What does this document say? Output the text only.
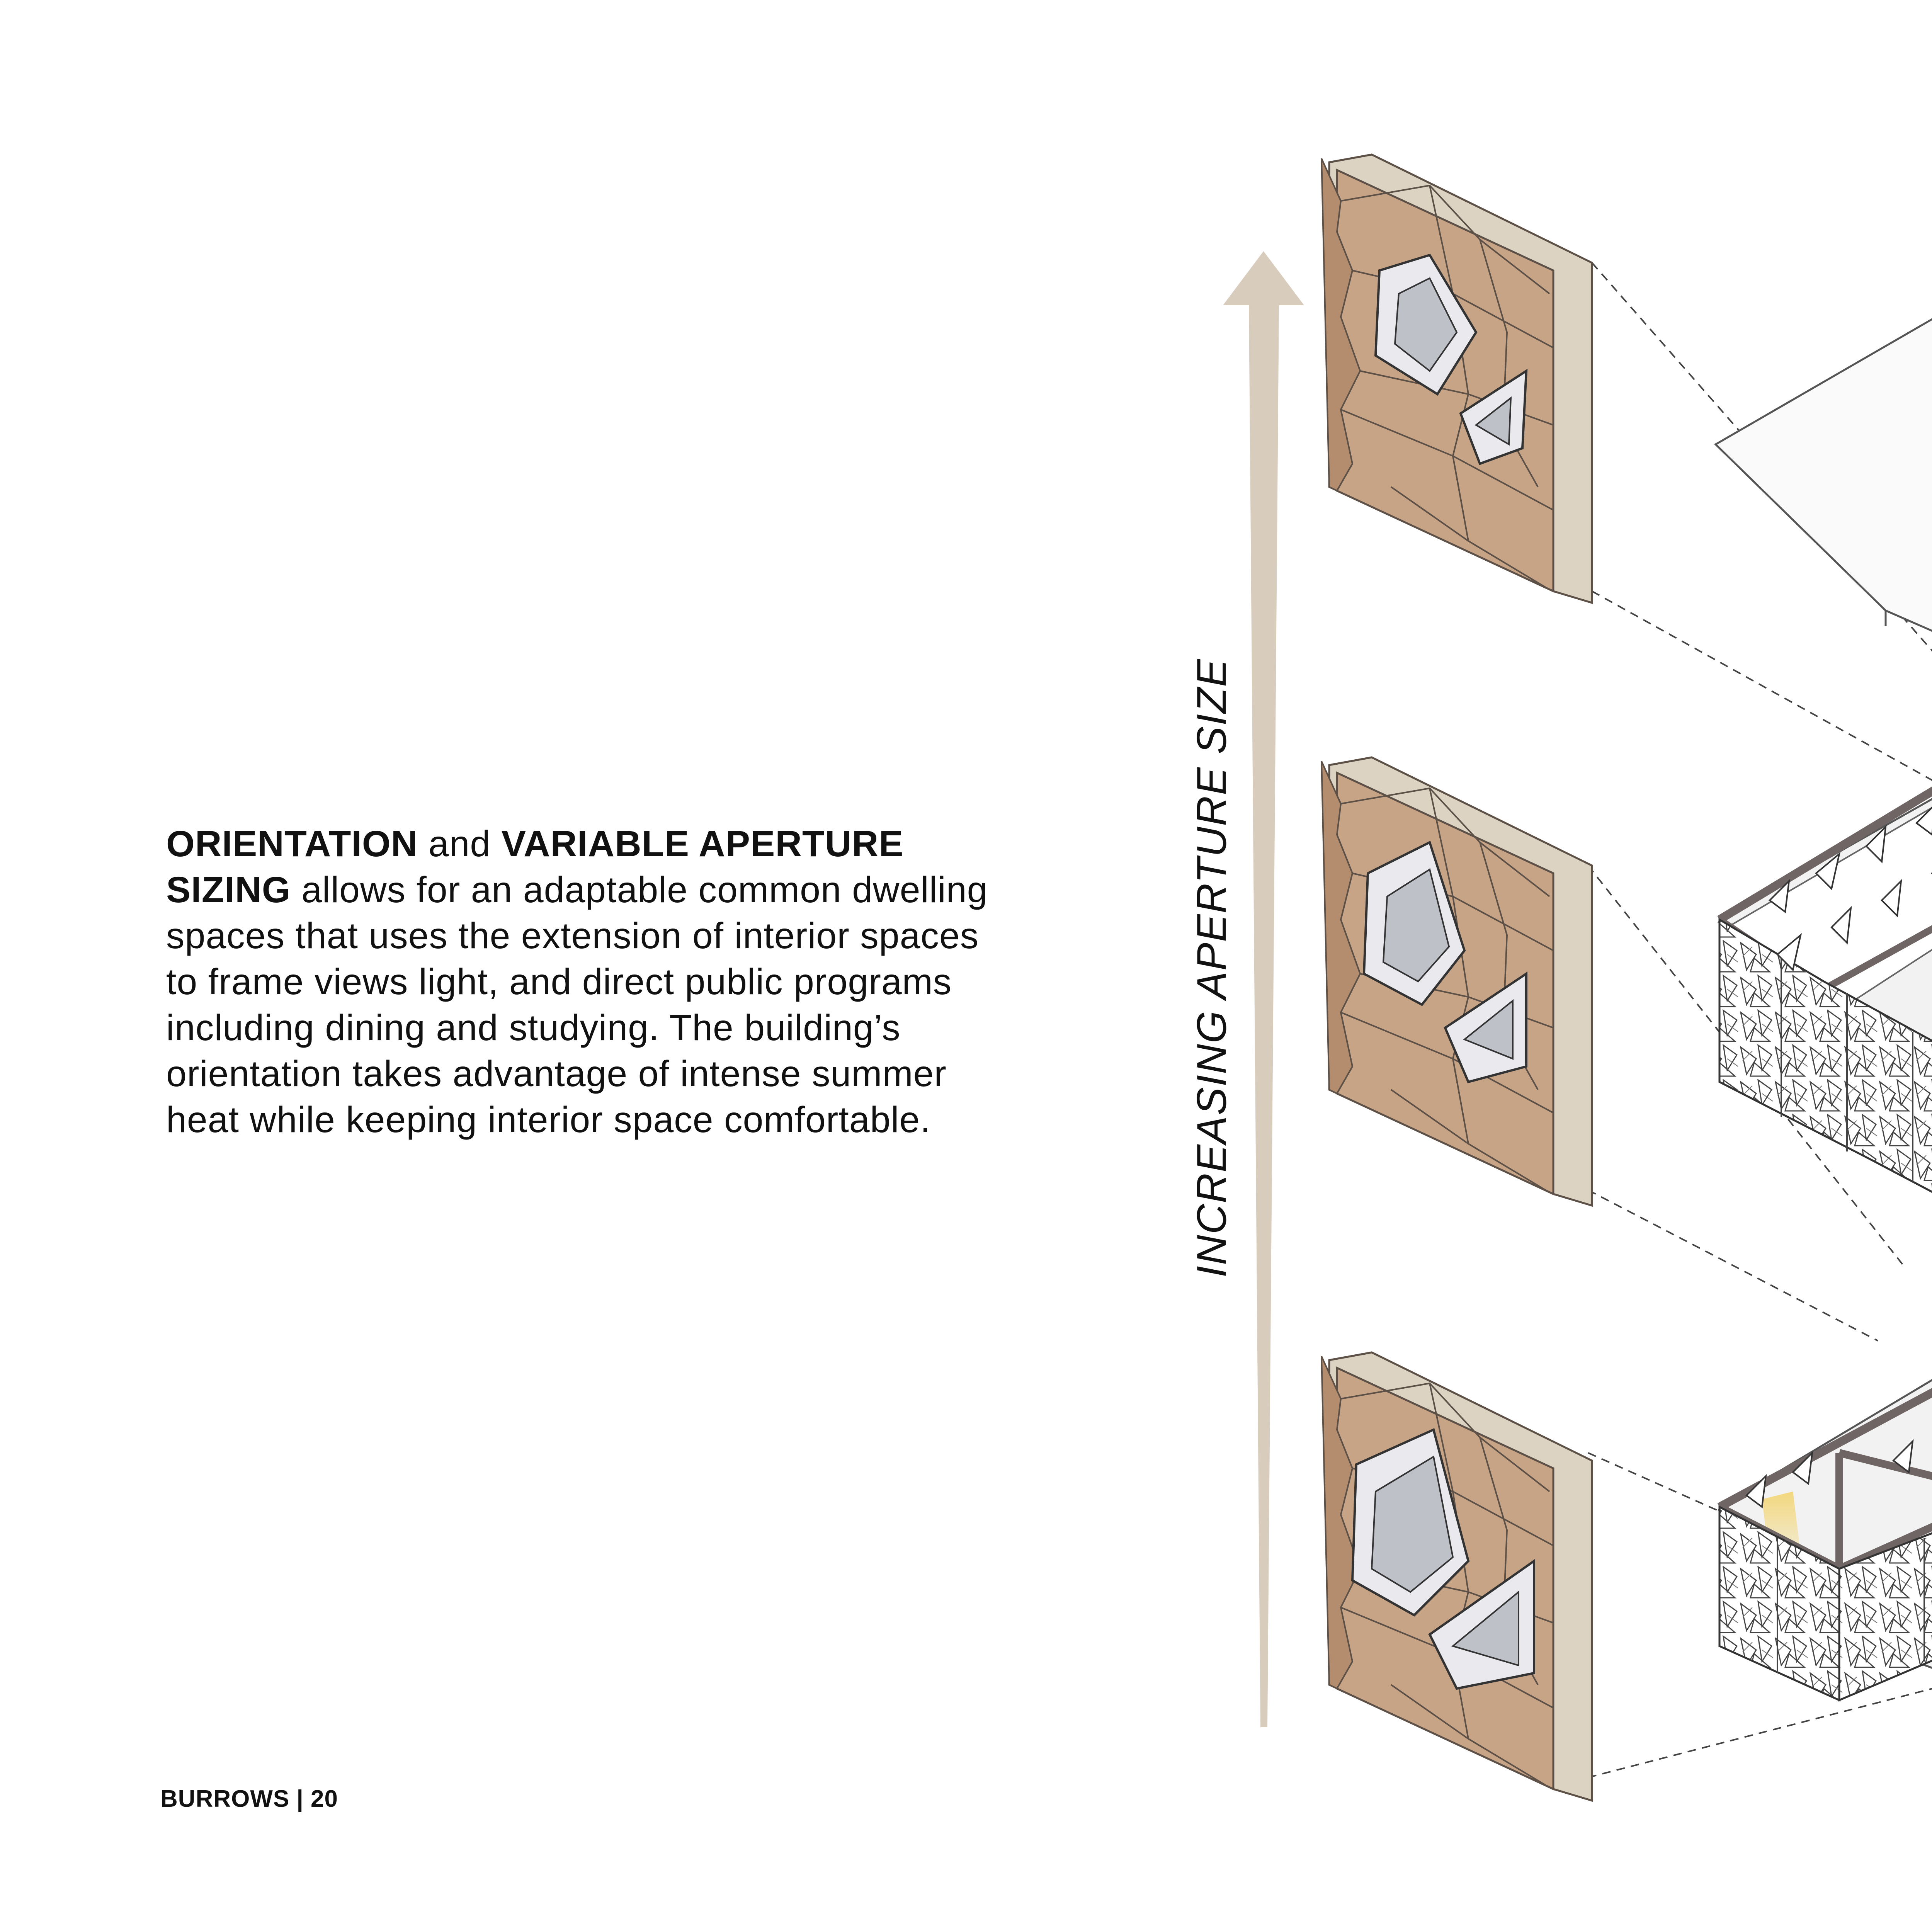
ORIENTATION and VARIABLE APERTURE SIZING allows for an adaptable common dwelling spaces that uses the extension of interior spaces to frame views light, and direct public programs including dining and studying. The building’s orientation takes advantage of intense summer heat while keeping interior space comfortable.	INCREASING APERTURE SIZE
BURROWS | 20
